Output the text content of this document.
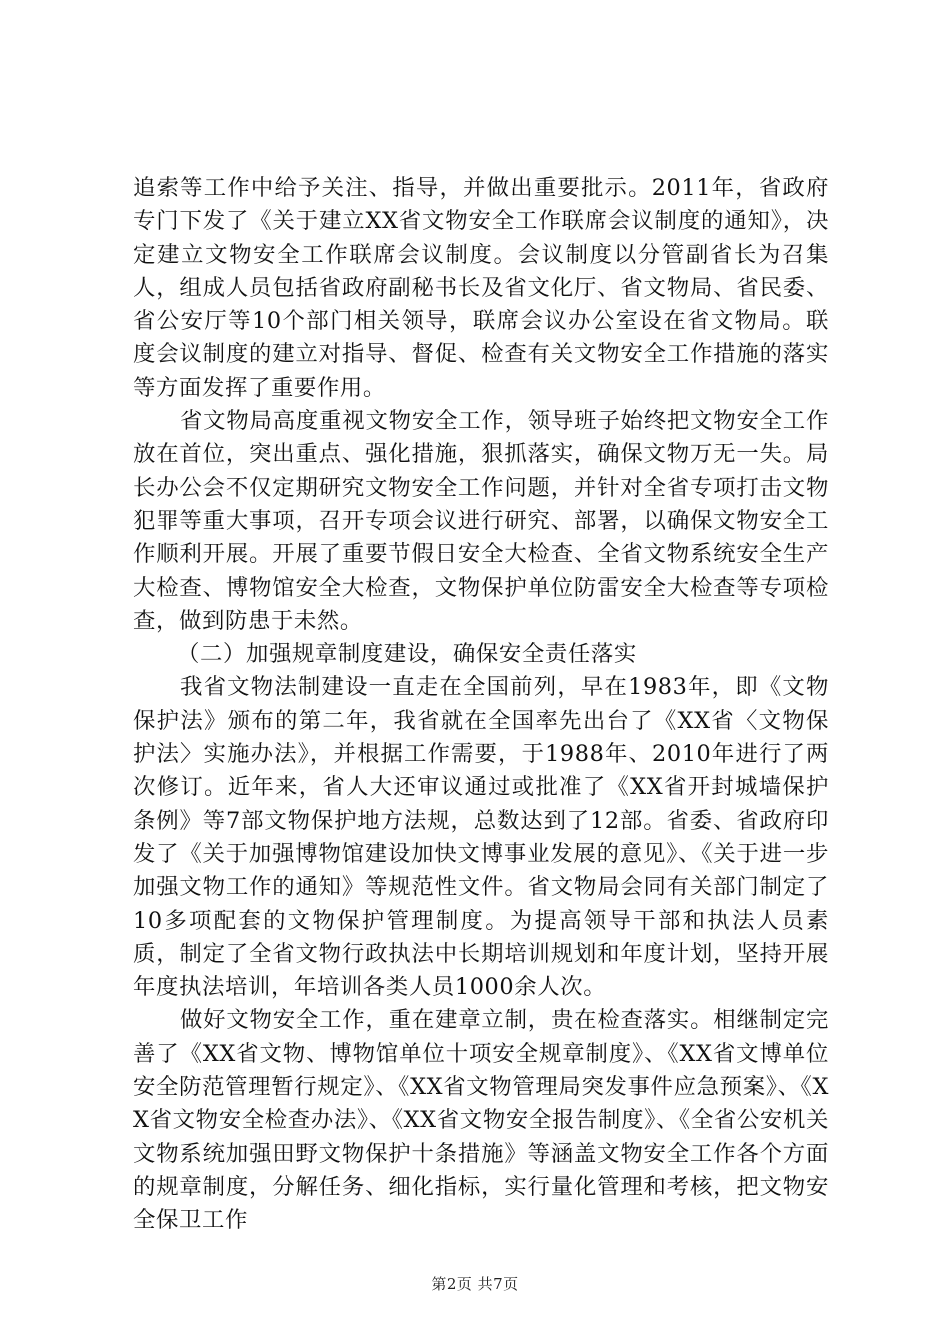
追索等工作中给予关注、指导，并做出重要批示。2011年，省政府专门下发了《关于建立XX省文物安全工作联席会议制度的通知》，决定建立文物安全工作联席会议制度。会议制度以分管副省长为召集人，组成人员包括省政府副秘书长及省文化厅、省文物局、省民委、省公安厅等10个部门相关领导，联席会议办公室设在省文物局。联度会议制度的建立对指导、督促、检查有关文物安全工作措施的落实等方面发挥了重要作用。

省文物局高度重视文物安全工作，领导班子始终把文物安全工作放在首位，突出重点、强化措施，狠抓落实，确保文物万无一失。局长办公会不仅定期研究文物安全工作问题，并针对全省专项打击文物犯罪等重大事项，召开专项会议进行研究、部署，以确保文物安全工作顺利开展。开展了重要节假日安全大检查、全省文物系统安全生产大检查、博物馆安全大检查，文物保护单位防雷安全大检查等专项检查，做到防患于未然。

（二）加强规章制度建设，确保安全责任落实

我省文物法制建设一直走在全国前列，早在1983年，即《文物保护法》颁布的第二年，我省就在全国率先出台了《XX省〈文物保护法〉实施办法》，并根据工作需要，于1988年、2010年进行了两次修订。近年来，省人大还审议通过或批准了《XX省开封城墙保护条例》等7部文物保护地方法规，总数达到了12部。省委、省政府印发了《关于加强博物馆建设加快文博事业发展的意见》、《关于进一步加强文物工作的通知》等规范性文件。省文物局会同有关部门制定了10多项配套的文物保护管理制度。为提高领导干部和执法人员素质，制定了全省文物行政执法中长期培训规划和年度计划，坚持开展年度执法培训，年培训各类人员1000余人次。

做好文物安全工作，重在建章立制，贵在检查落实。相继制定完善了《XX省文物、博物馆单位十项安全规章制度》、《XX省文博单位安全防范管理暂行规定》、《XX省文物管理局突发事件应急预案》、《XX省文物安全检查办法》、《XX省文物安全报告制度》、《全省公安机关文物系统加强田野文物保护十条措施》等涵盖文物安全工作各个方面的规章制度，分解任务、细化指标，实行量化管理和考核，把文物安全保卫工作

第2页 共7页
